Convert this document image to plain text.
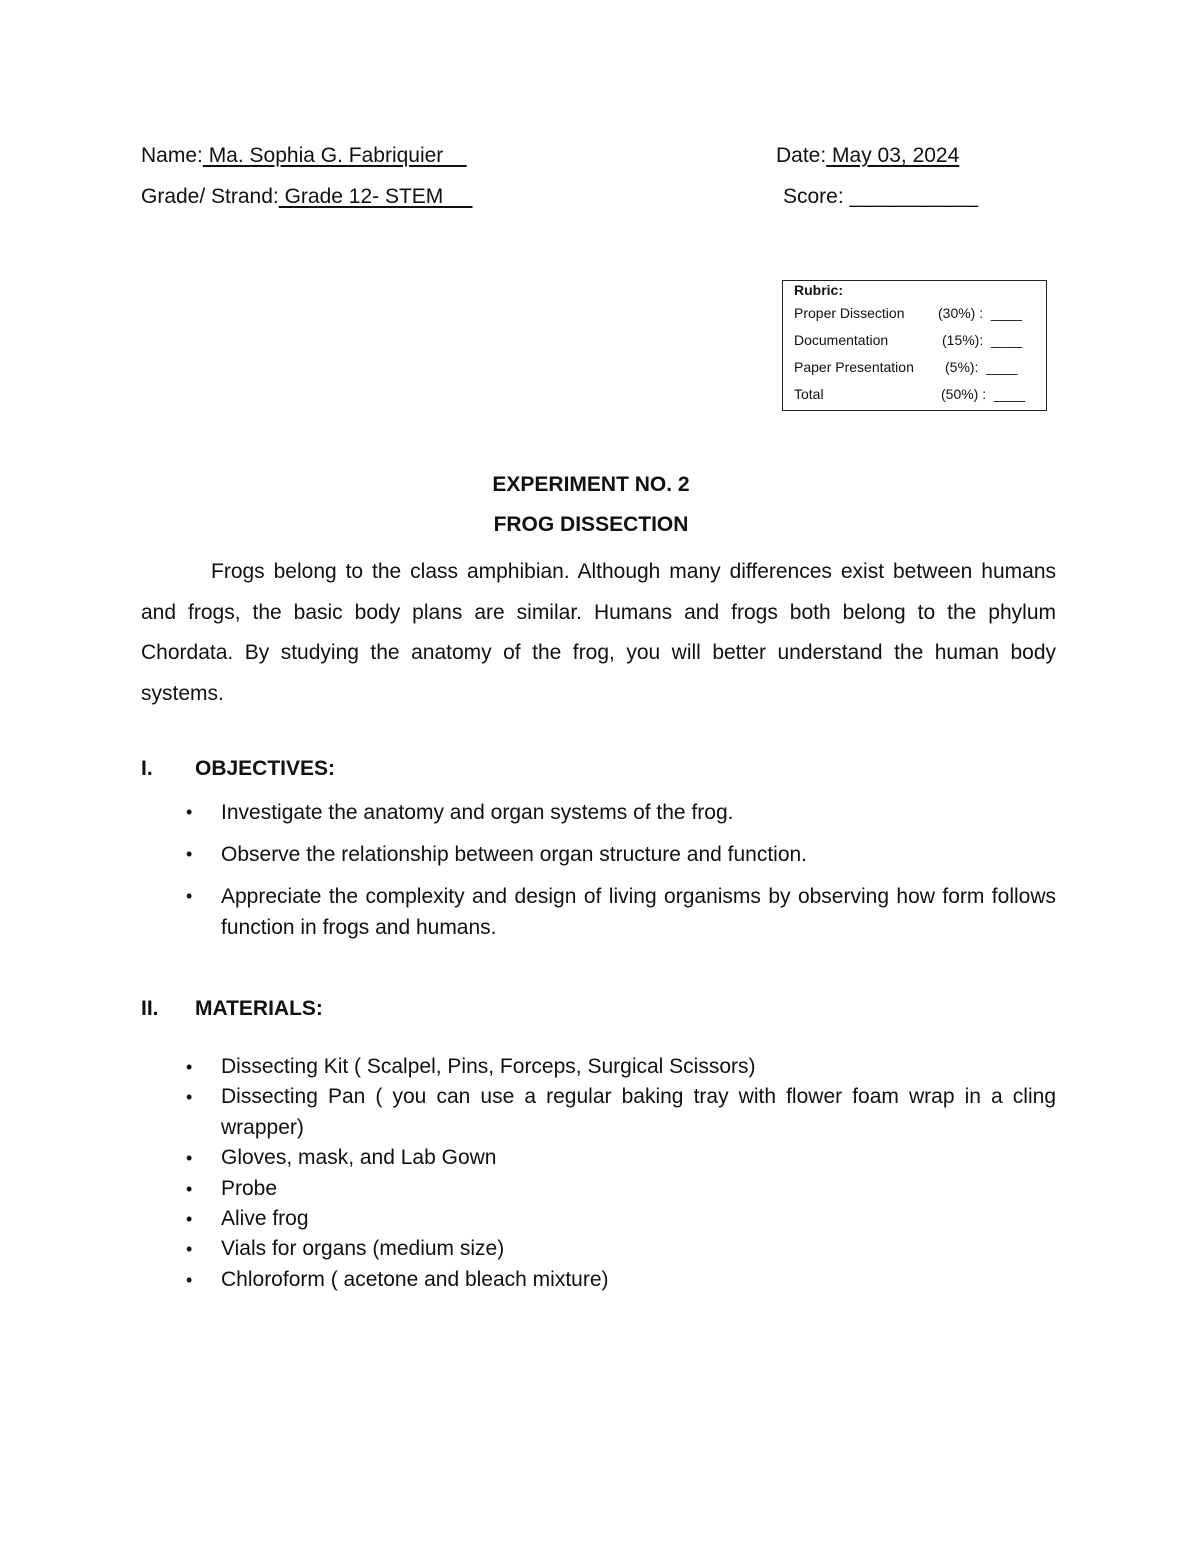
Name: Ma. Sophia G. Fabriquier
Grade/ Strand: Grade 12- STEM
Date: May 03, 2024
Score: ___________
Rubric:

Proper Dissection

(30%) :  ____

Documentation

	(15%):  ____

Paper Presentation

(5%):  ____

Total

	(50%) :  ____

EXPERIMENT NO. 2
FROG DISSECTION

Frogs belong to the class amphibian. Although many differences exist between humans and frogs, the basic body plans are similar. Humans and frogs both belong to the phylum Chordata. By studying the anatomy of the frog, you will better understand the human body systems.

I. OBJECTIVES:
• Investigate the anatomy and organ systems of the frog.
• Observe the relationship between organ structure and function.
• Appreciate the complexity and design of living organisms by observing how form follows function in frogs and humans.
II. MATERIALS:
• Dissecting Kit ( Scalpel, Pins, Forceps, Surgical Scissors)
• Dissecting Pan ( you can use a regular baking tray with flower foam wrap in a cling wrapper)
• Gloves, mask, and Lab Gown
• Probe
• Alive frog
• Vials for organs (medium size)
• Chloroform ( acetone and bleach mixture)
